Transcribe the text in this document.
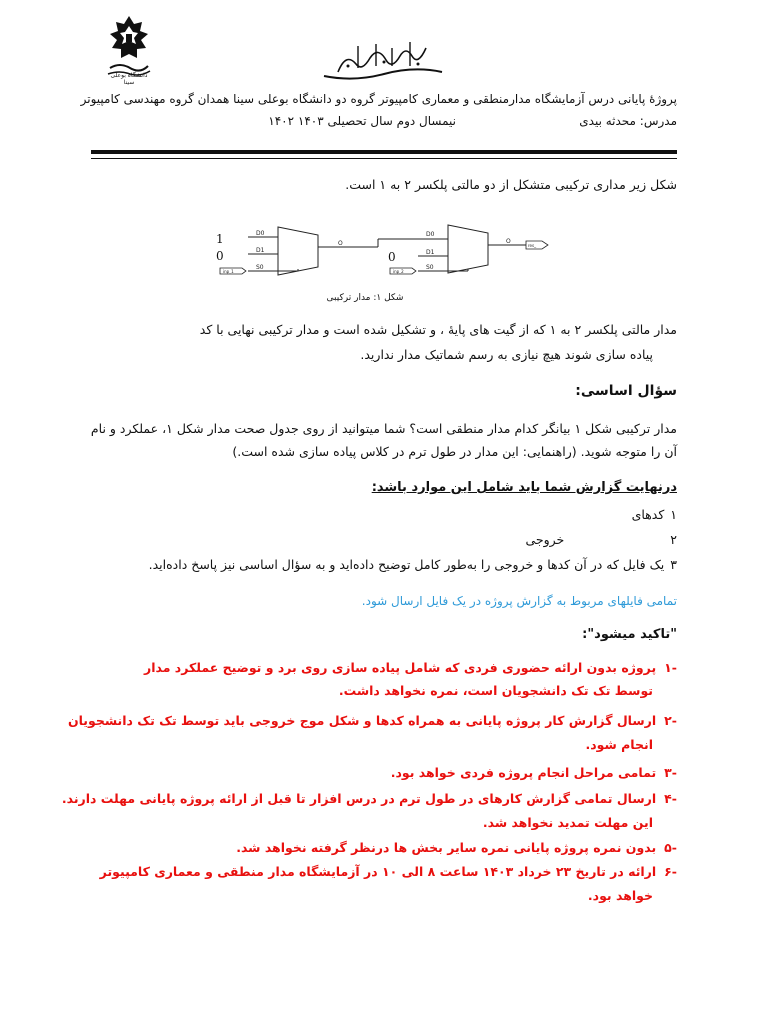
دانشگاه بوعلی سینا
پروژۀ پایانی درس آزمایشگاه مدارمنطقی و معماری کامپیوتر گروه دو دانشگاه بوعلی سینا همدان گروه مهندسی کامپیوتر
مدرس: محدثه بیدی
نیمسال دوم سال تحصیلی ۱۴۰۳ ۱۴۰۲
شکل زیر مداری ترکیبی متشکل از دو مالتی پلکسر ۲ به ۱ است.
D0
D1
S0
O
D0
D1
S0
O
inp_1	inp_2
res_
1
0	0
شکل ۱: مدار ترکیبی
مدار مالتی پلکسر ۲ به ۱ که از گیت های پایۀ ، و تشکیل شده است و مدار ترکیبی نهایی با کد
پیاده سازی شوند هیچ نیازی به رسم شماتیک مدار ندارید.
سؤال اساسی:
مدار ترکیبی شکل ۱ بیانگر کدام مدار منطقی است؟ شما میتوانید از روی جدول صحت مدار شکل ۱، عملکرد و نام
آن را متوجه شوید. (راهنمایی: این مدار در طول ترم در کلاس پیاده سازی شده است.)
درنهایت گزارش شما باید شامل این موارد باشد:
۱کدهای
۲خروجی
۳یک فایل که در آن کدها و خروجی را به‌طور کامل توضیح داده‌اید و به سؤال اساسی نیز پاسخ داده‌اید.
تمامی فایلهای مربوط به گزارش پروژه در یک فایل ارسال شود.
"تاکید میشود":
-۱پروژه بدون ارائه حضوری فردی که شامل پیاده سازی روی برد و توضیح عملکرد مدار
توسط تک تک دانشجویان است، نمره نخواهد داشت.
-۲ارسال گزارش کار پروژه پایانی به همراه کدها و شکل موج خروجی باید توسط تک تک دانشجویان
انجام شود.
-۳تمامی مراحل انجام پروژه فردی خواهد بود.
-۴ارسال تمامی گزارش کارهای در طول ترم در درس افزار تا قبل از ارائه پروژه پایانی مهلت دارند.
این مهلت تمدید نخواهد شد.
-۵بدون نمره پروژه پایانی نمره سایر بخش ها درنظر گرفته نخواهد شد.
-۶ارائه در تاریخ ۲۳ خرداد ۱۴۰۳ ساعت ۸ الی ۱۰ در آزمایشگاه مدار منطقی و معماری کامپیوتر
خواهد بود.
